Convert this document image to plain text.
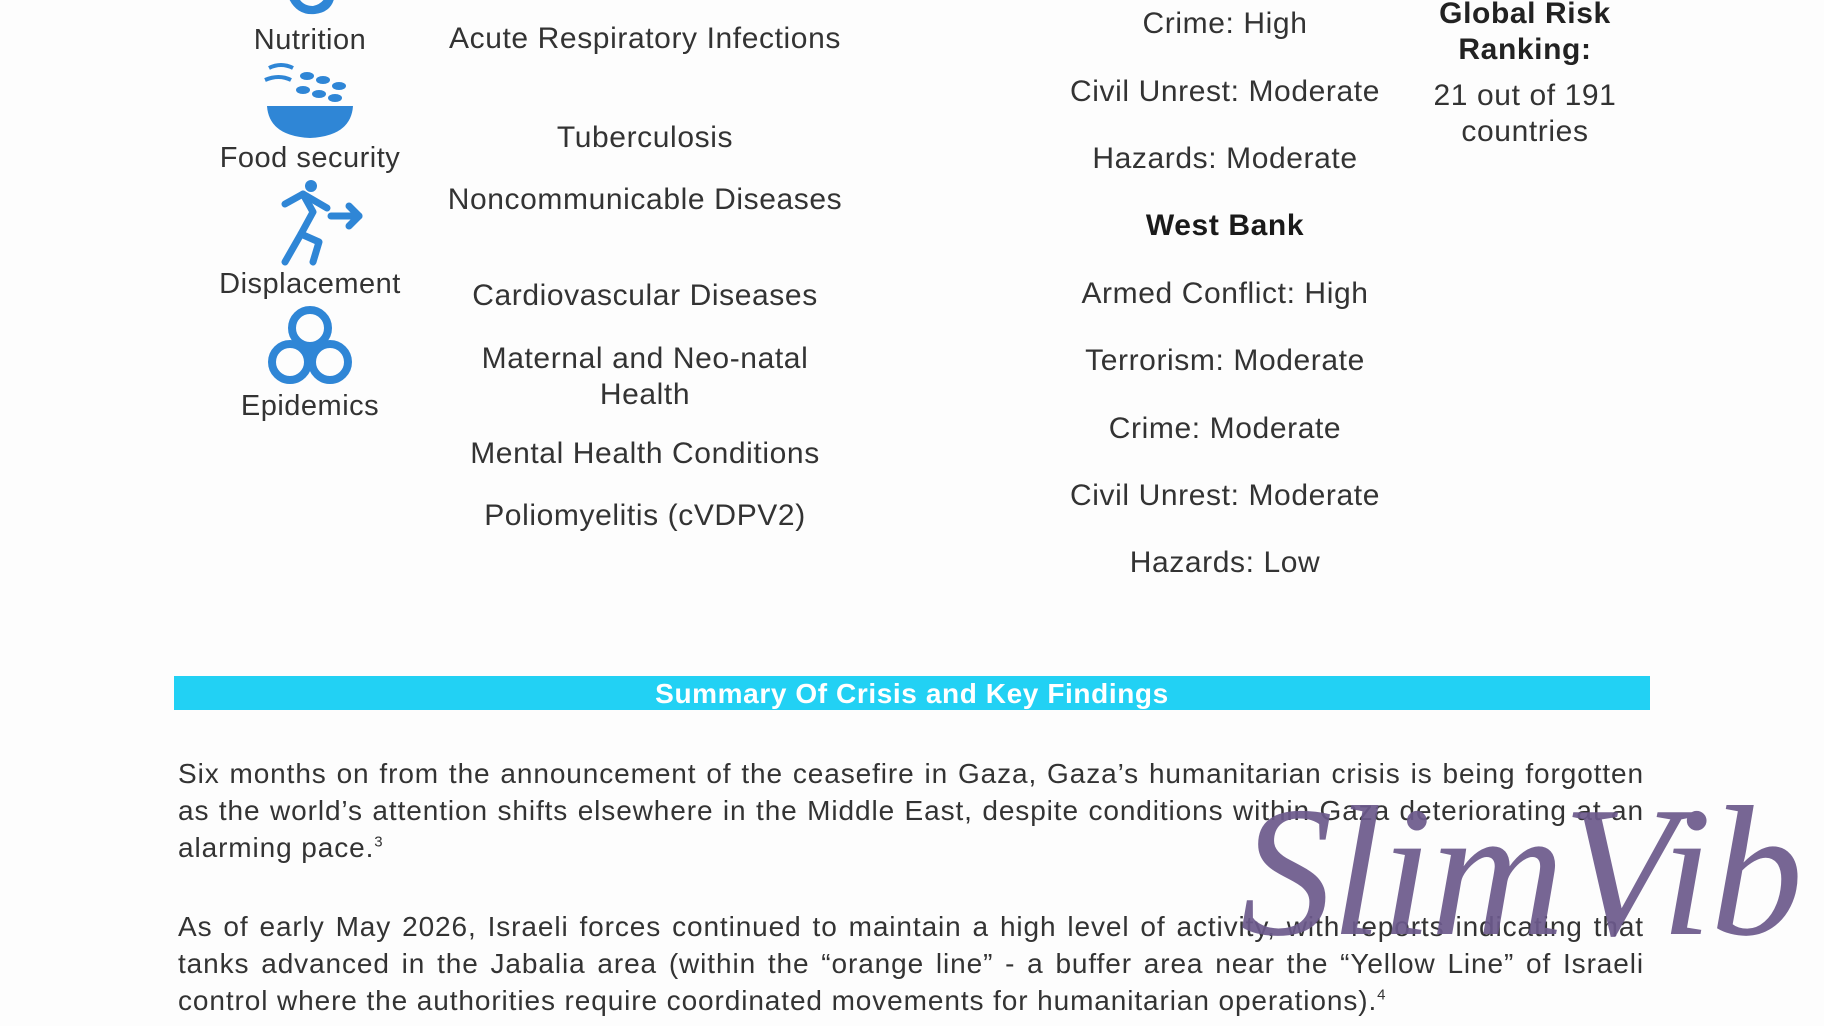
Nutrition
Food security
Displacement
Epidemics
Acute Respiratory Infections
Tuberculosis
Noncommunicable Diseases
Cardiovascular Diseases
Maternal and Neo-natal Health
Mental Health Conditions
Poliomyelitis (cVDPV2)
Crime: High
Civil Unrest: Moderate
Hazards: Moderate
West Bank
Armed Conflict: High
Terrorism: Moderate
Crime: Moderate
Civil Unrest: Moderate
Hazards: Low
Global Risk Ranking:
21 out of 191 countries
Summary Of Crisis and Key Findings
Six months on from the announcement of the ceasefire in Gaza, Gaza’s humanitarian crisis is being forgotten as the world’s attention shifts elsewhere in the Middle East, despite conditions within Gaza deteriorating at an alarming pace.$^3$
As of early May 2026, Israeli forces continued to maintain a high level of activity, with reports indicating that tanks advanced in the Jabalia area (within the “orange line” - a buffer area near the “Yellow Line” of Israeli control where the authorities require coordinated movements for humanitarian operations).$^4$
SlimVib
